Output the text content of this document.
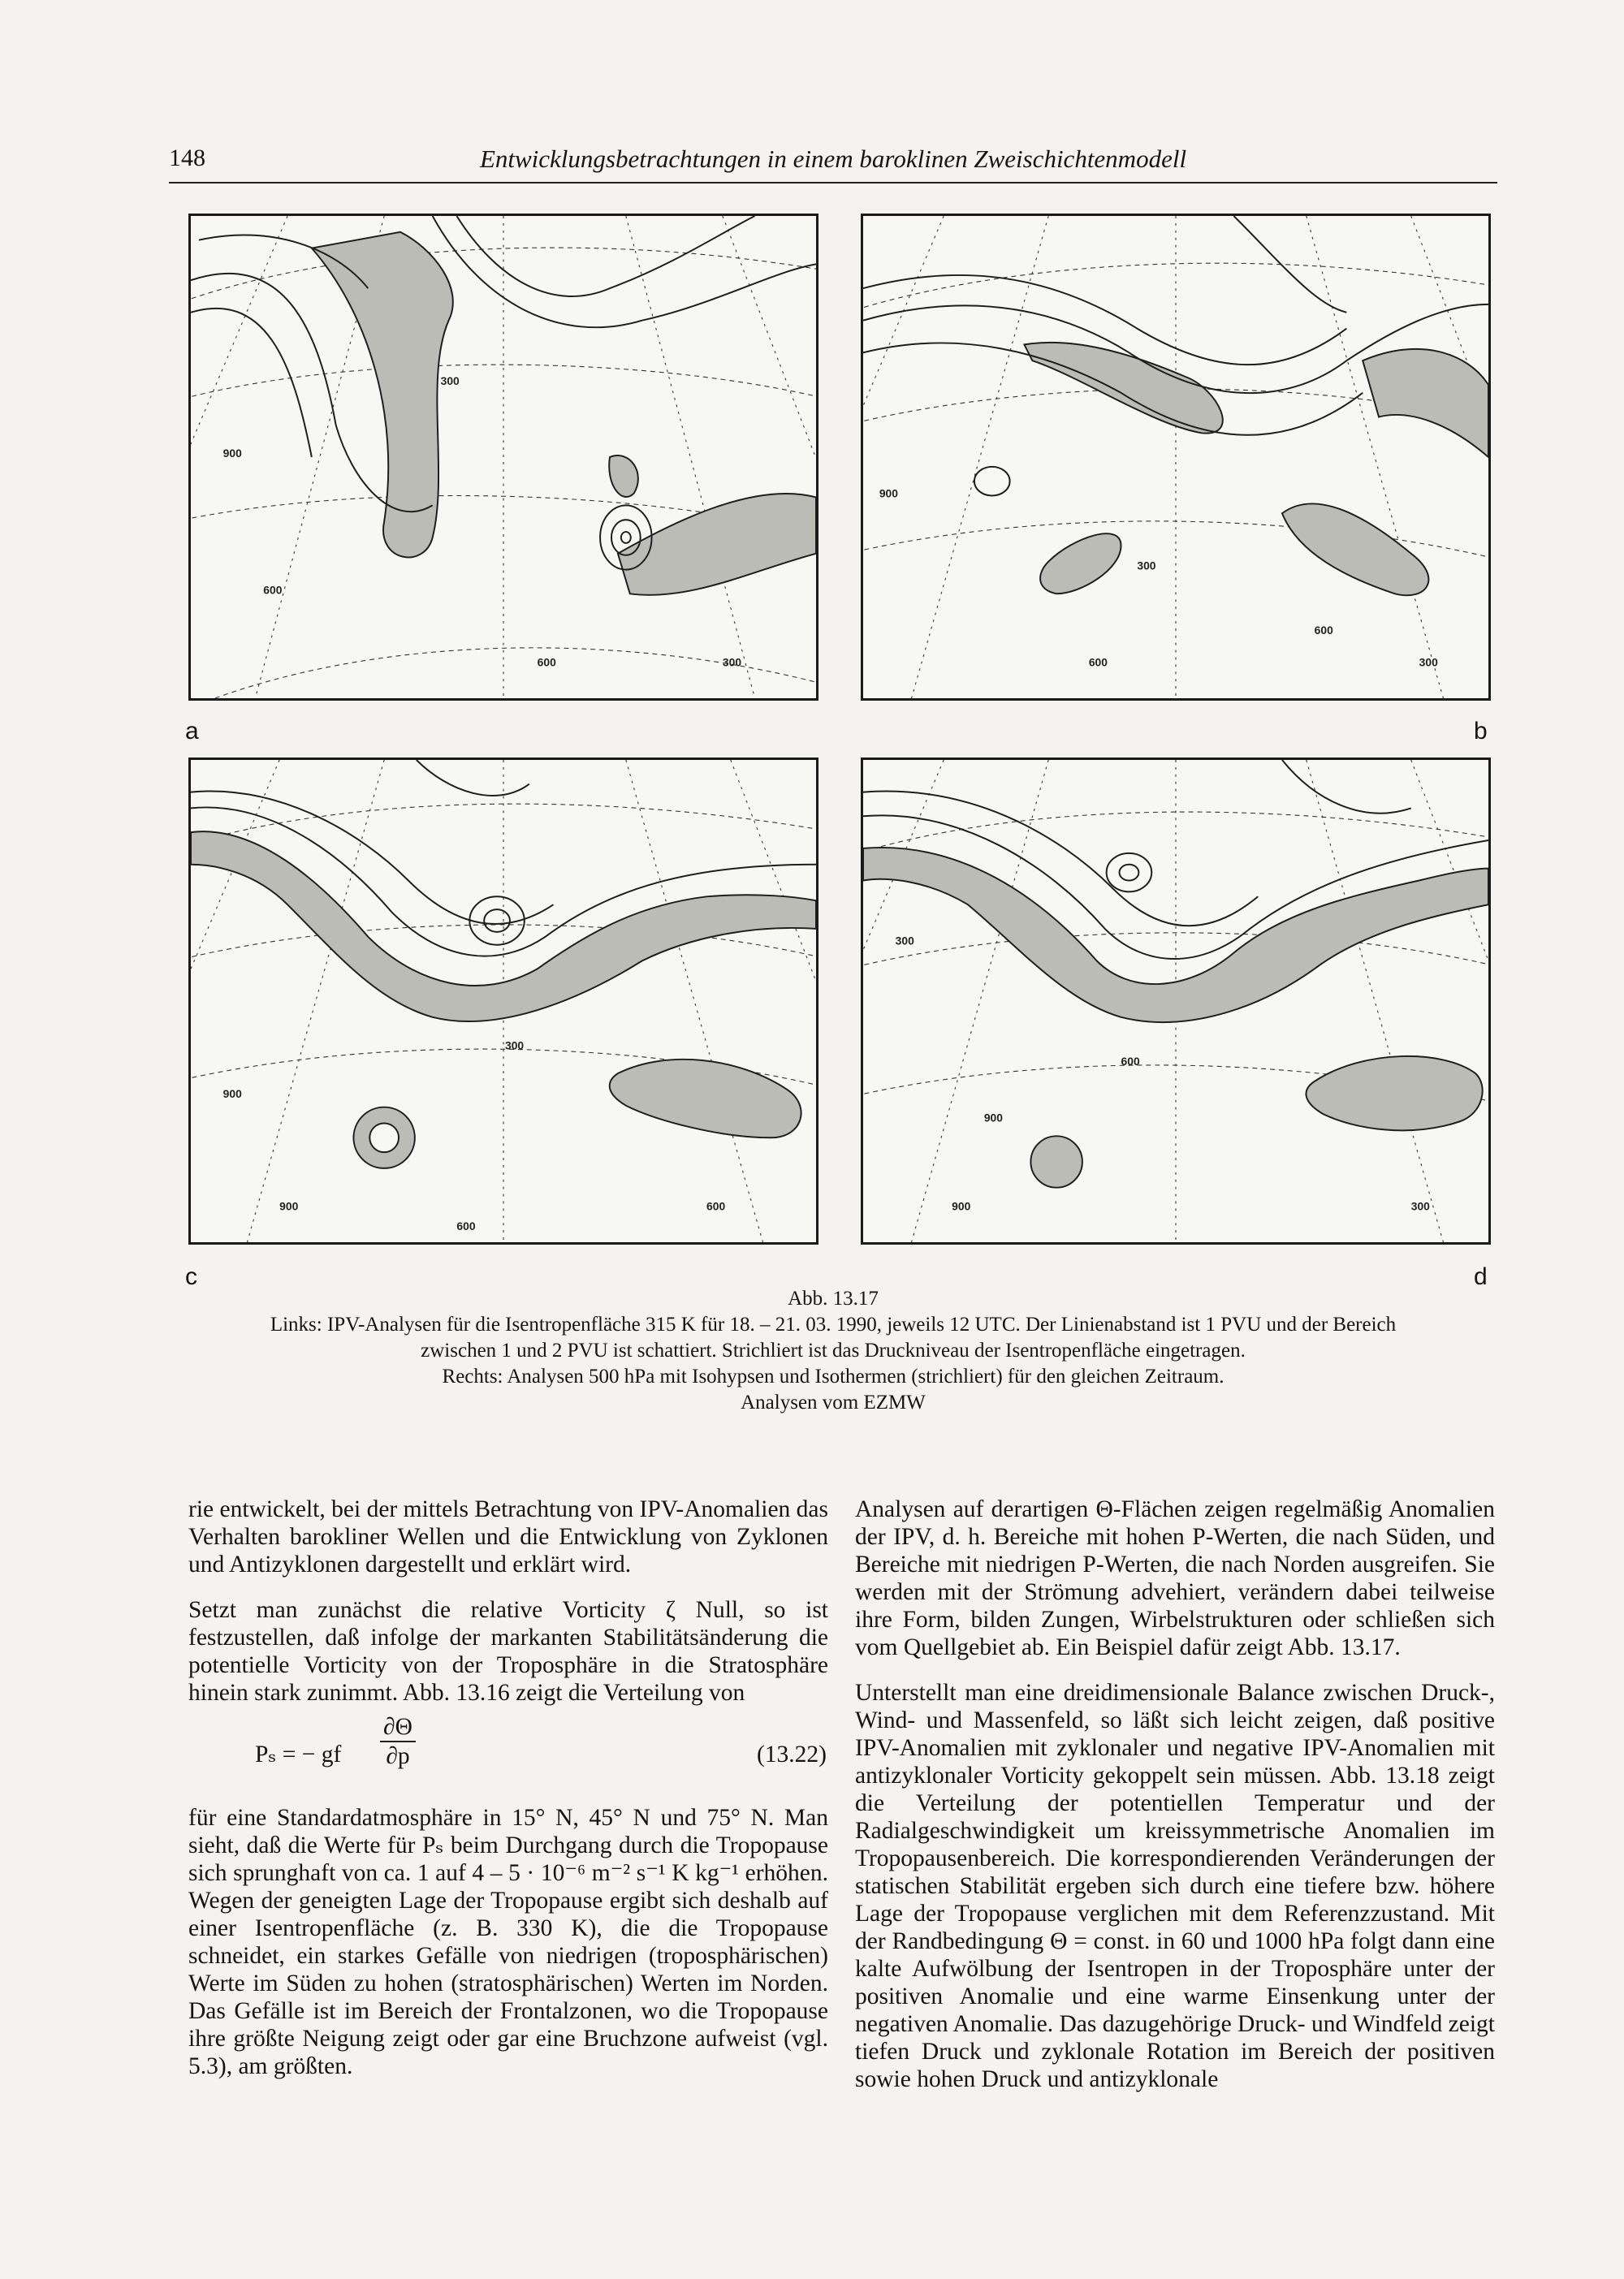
148	Entwicklungsbetrachtungen in einem baroklinen Zweischichtenmodell
900
600
300
300
600
900
600
300
600
300
900
300
900
600
600
300
900
600
300
900
a	b
c	d
Abb. 13.17
Links: IPV-Analysen für die Isentropenfläche 315 K für 18. – 21. 03. 1990, jeweils 12 UTC. Der Linienabstand ist 1 PVU und der Bereich
zwischen 1 und 2 PVU ist schattiert. Strichliert ist das Druckniveau der Isentropenfläche eingetragen.
Rechts: Analysen 500 hPa mit Isohypsen und Isothermen (strichliert) für den gleichen Zeitraum.
Analysen vom EZMW

rie entwickelt, bei der mittels Betrachtung von IPV-Anomalien das Verhalten barokliner Wellen und die Entwicklung von Zyklonen und Antizyklonen dargestellt und erklärt wird.

Setzt man zunächst die relative Vorticity ζ Null, so ist festzustellen, daß infolge der markanten Stabilitätsänderung die potentielle Vorticity von der Troposphäre in die Stratosphäre hinein stark zunimmt. Abb. 13.16 zeigt die Verteilung von

Pₛ = − gf $\frac{\partial\Theta}{\partial p}$	(13.22)

für eine Standardatmosphäre in 15° N, 45° N und 75° N. Man sieht, daß die Werte für Pₛ beim Durchgang durch die Tropopause sich sprunghaft von ca. 1 auf 4 – 5 · 10⁻⁶ m⁻² s⁻¹ K kg⁻¹ erhöhen. Wegen der geneigten Lage der Tropopause ergibt sich deshalb auf einer Isentropenfläche (z. B. 330 K), die die Tropopause schneidet, ein starkes Gefälle von niedrigen (troposphärischen) Werte im Süden zu hohen (stratosphärischen) Werten im Norden. Das Gefälle ist im Bereich der Frontalzonen, wo die Tropopause ihre größte Neigung zeigt oder gar eine Bruchzone aufweist (vgl. 5.3), am größten.

Analysen auf derartigen Θ-Flächen zeigen regelmäßig Anomalien der IPV, d. h. Bereiche mit hohen P-Werten, die nach Süden, und Bereiche mit niedrigen P-Werten, die nach Norden ausgreifen. Sie werden mit der Strömung advehiert, verändern dabei teilweise ihre Form, bilden Zungen, Wirbelstrukturen oder schließen sich vom Quellgebiet ab. Ein Beispiel dafür zeigt Abb. 13.17.

Unterstellt man eine dreidimensionale Balance zwischen Druck-, Wind- und Massenfeld, so läßt sich leicht zeigen, daß positive IPV-Anomalien mit zyklonaler und negative IPV-Anomalien mit antizyklonaler Vorticity gekoppelt sein müssen. Abb. 13.18 zeigt die Verteilung der potentiellen Temperatur und der Radialgeschwindigkeit um kreissymmetrische Anomalien im Tropopausenbereich. Die korrespondierenden Veränderungen der statischen Stabilität ergeben sich durch eine tiefere bzw. höhere Lage der Tropopause verglichen mit dem Referenzzustand. Mit der Randbedingung Θ = const. in 60 und 1000 hPa folgt dann eine kalte Aufwölbung der Isentropen in der Troposphäre unter der positiven Anomalie und eine warme Einsenkung unter der negativen Anomalie. Das dazugehörige Druck- und Windfeld zeigt tiefen Druck und zyklonale Rotation im Bereich der positiven sowie hohen Druck und antizyklonale
